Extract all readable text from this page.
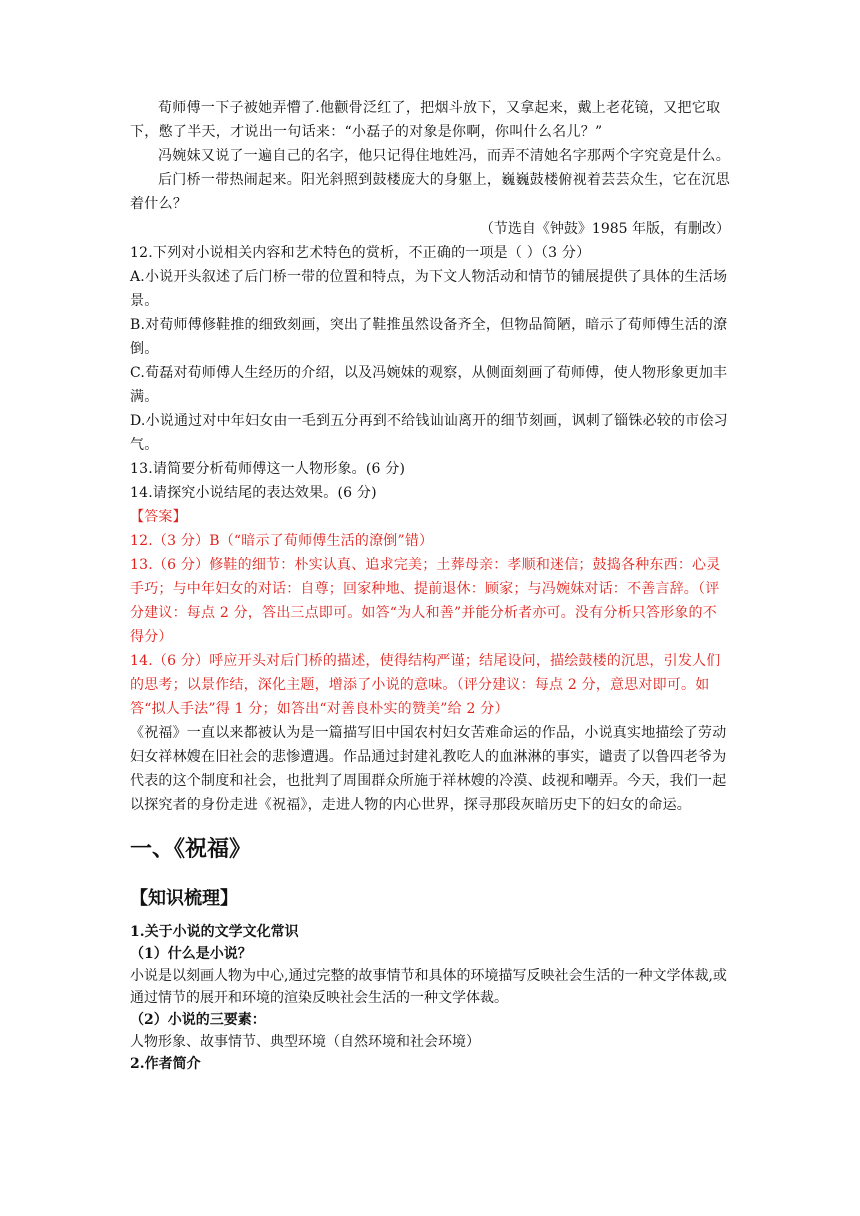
荀师傅一下子被她弄懵了.他颧骨泛红了，把烟斗放下，又拿起来，戴上老花镜，又把它取下，憋了半天，才说出一句话来：“小磊子的对象是你啊，你叫什么名儿？”

冯婉妹又说了一遍自己的名字，他只记得住地姓冯，而弄不清她名字那两个字究竟是什么。

后门桥一带热闹起来。阳光斜照到鼓楼庞大的身躯上，巍巍鼓楼俯视着芸芸众生，它在沉思着什么？

（节选自《钟鼓》1985 年版，有删改）

12.下列对小说相关内容和艺术特色的赏析，不正确的一项是（ ）（3 分）

A.小说开头叙述了后门桥一带的位置和特点，为下文人物活动和情节的铺展提供了具体的生活场景。

B.对荀师傅修鞋推的细致刻画，突出了鞋推虽然设备齐全，但物品简陋，暗示了荀师傅生活的潦倒。

C.荀磊对荀师傅人生经历的介绍，以及冯婉妹的观察，从侧面刻画了荀师傅，使人物形象更加丰满。

D.小说通过对中年妇女由一毛到五分再到不给钱讪讪离开的细节刻画，讽刺了锱铢必较的市侩习气。

13.请简要分析荀师傅这一人物形象。(6 分)

14.请探究小说结尾的表达效果。(6 分)

【答案】

12.（3 分）B（“暗示了荀师傅生活的潦倒”错）

13.（6 分）修鞋的细节：朴实认真、追求完美；土葬母亲：孝顺和迷信；鼓捣各种东西：心灵手巧；与中年妇女的对话：自尊；回家种地、提前退休：顾家；与冯婉妹对话：不善言辞。（评分建议：每点 2 分，答出三点即可。如答“为人和善”并能分析者亦可。没有分析只答形象的不得分）

14.（6 分）呼应开头对后门桥的描述，使得结构严谨；结尾设问，描绘鼓楼的沉思，引发人们的思考；以景作结，深化主题，增添了小说的意味。（评分建议：每点 2 分，意思对即可。如答“拟人手法”得 1 分；如答出“对善良朴实的赞美”给 2 分）

《祝福》一直以来都被认为是一篇描写旧中国农村妇女苦难命运的作品，小说真实地描绘了劳动妇女祥林嫂在旧社会的悲惨遭遇。作品通过封建礼教吃人的血淋淋的事实，谴责了以鲁四老爷为代表的这个制度和社会，也批判了周围群众所施于祥林嫂的冷漠、歧视和嘲弄。今天，我们一起以探究者的身份走进《祝福》，走进人物的内心世界，探寻那段灰暗历史下的妇女的命运。

一、《祝福》

【知识梳理】

1.关于小说的文学文化常识

（1）什么是小说？

小说是以刻画人物为中心,通过完整的故事情节和具体的环境描写反映社会生活的一种文学体裁,或通过情节的展开和环境的渲染反映社会生活的一种文学体裁。

（2）小说的三要素：

人物形象、故事情节、典型环境（自然环境和社会环境）

2.作者简介
